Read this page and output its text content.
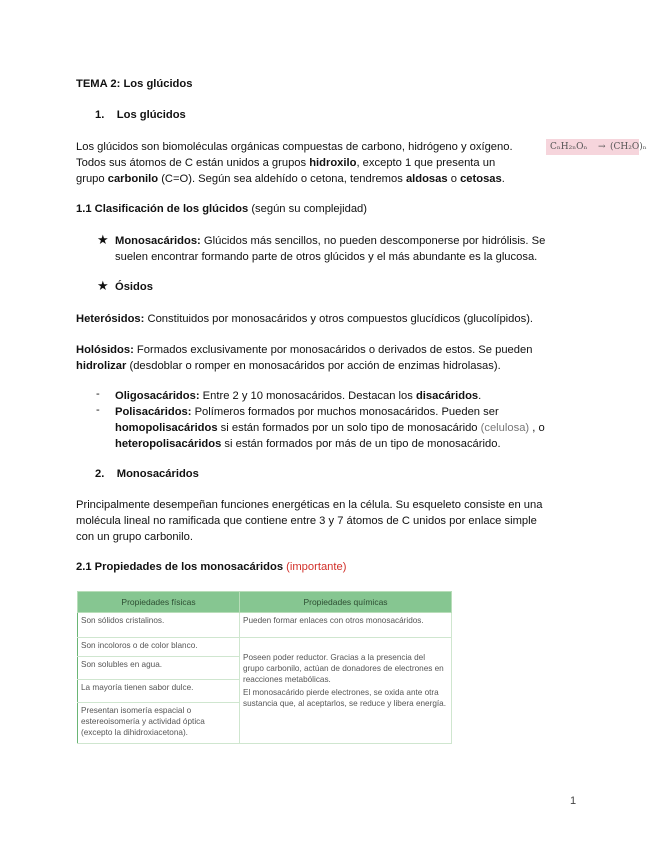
TEMA 2: Los glúcidos
1. Los glúcidos
Los glúcidos son biomoléculas orgánicas compuestas de carbono, hidrógeno y oxígeno.
Todos sus átomos de C están unidos a grupos hidroxilo, excepto 1 que presenta un
grupo carbonilo (C=O). Según sea aldehído o cetona, tendremos aldosas o cetosas.
CₙH₂ₙOₙ → (CH₂O)ₙ
1.1 Clasificación de los glúcidos (según su complejidad)
★ Monosacáridos: Glúcidos más sencillos, no pueden descomponerse por hidrólisis. Se
suelen encontrar formando parte de otros glúcidos y el más abundante es la glucosa.
★ Ósidos
Heterósidos: Constituidos por monosacáridos y otros compuestos glucídicos (glucolípidos).
Holósidos: Formados exclusivamente por monosacáridos o derivados de estos. Se pueden
hidrolizar (desdoblar o romper en monosacáridos por acción de enzimas hidrolasas).
- Oligosacáridos: Entre 2 y 10 monosacáridos. Destacan los disacáridos.
- Polisacáridos: Polímeros formados por muchos monosacáridos. Pueden ser
homopolisacáridos si están formados por un solo tipo de monosacárido (celulosa) , o
heteropolisacáridos si están formados por más de un tipo de monosacárido.
2. Monosacáridos
Principalmente desempeñan funciones energéticas en la célula. Su esqueleto consiste en una
molécula lineal no ramificada que contiene entre 3 y 7 átomos de C unidos por enlace simple
con un grupo carbonilo.
2.1 Propiedades de los monosacáridos (importante)
Propiedades físicas	Propiedades químicas
Son sólidos cristalinos.	Pueden formar enlaces con otros monosacáridos.
Son incoloros o de color blanco.	Poseen poder reductor. Gracias a la presencia del grupo carbonilo, actúan de donadores de electrones en reacciones metabólicas.
El monosacárido pierde electrones, se oxida ante otra sustancia que, al aceptarlos, se reduce y libera energía.

Son solubles en agua.	
La mayoría tienen sabor dulce.	
Presentan isomería espacial o estereoisomería y actividad óptica (excepto la dihidroxiacetona).	
1
